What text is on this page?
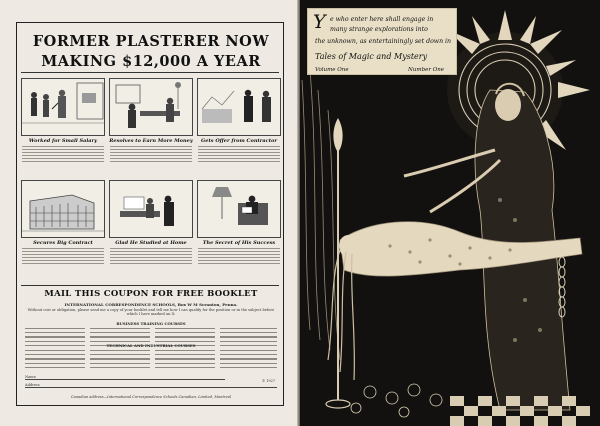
FORMER PLASTERER NOW
MAKING $12,000 A YEAR
Worked for Small Salary	Resolves to Earn More Money	Gets Offer from Contractor
Secures Big Contract	Glad He Studied at Home	The Secret of His Success
MAIL THIS COUPON FOR FREE BOOKLET
INTERNATIONAL CORRESPONDENCE SCHOOLS, Box W M Scranton, Penna.
Without cost or obligation, please send me a copy of your booklet and tell me how I can qualify for the position or in the subject before which I have marked an X:
BUSINESS TRAINING COURSES
TECHNICAL AND INDUSTRIAL COURSES
© 1927
Name
Address
Canadian address—International Correspondence Schools Canadian, Limited, Montreal
Y e who enter here shall engage in
many strange explorations into
the unknown, as entertainingly set down in
Tales of Magic and Mystery
Volume One	Number One
